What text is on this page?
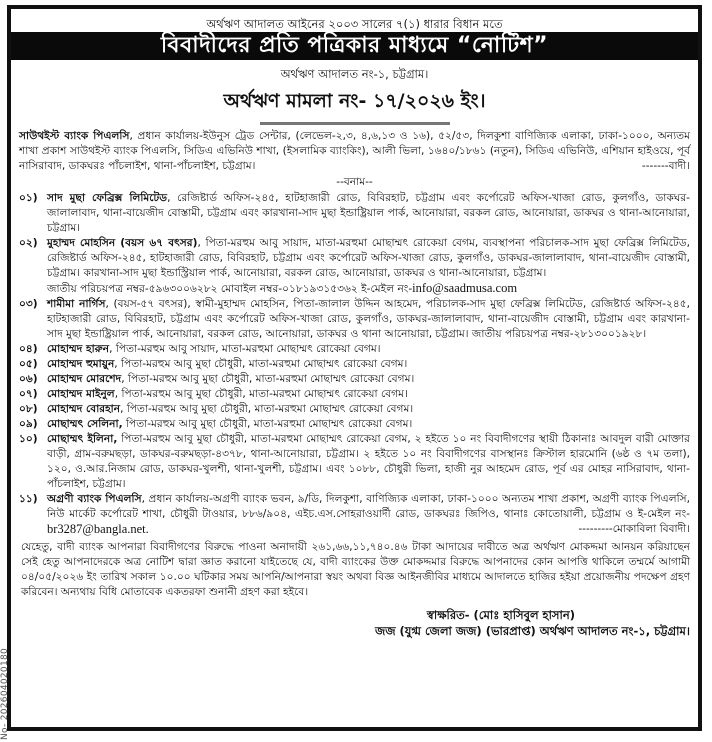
No- 202604020180
অর্থঋণ আদালত আইনের ২০০৩ সালের ৭(১) ধারার বিধান মতে
বিবাদীদের প্রতি পত্রিকার মাধ্যমে “নোটিশ”
অর্থঋণ আদালত নং-১, চট্টগ্রাম।
অর্থঋণ মামলা নং- ১৭/২০২৬ ইং।
সাউথইস্ট ব্যাংক পিএলসি, প্রধান কার্যালয়-ইউনুস ট্রেড সেন্টার, (লেভেল-২,৩, ৪,৬,১৩ ও ১৬), ৫২/৫৩, দিলকুশা বাণিজ্যিক এলাকা, ঢাকা-১০০০, অন্যতম শাখা প্রকাশ সাউথইস্ট ব্যাংক পিএলসি, সিডিএ এভিনিউ শাখা, (ইসলামিক ব্যাংকিং), আলী ভিলা, ১৬৪০/১৮৬১ (নতুন), সিডিএ এভিনিউ, এশিয়ান হাইওয়ে, পূর্ব নাসিরাবাদ, ডাকঘরঃ পাঁচলাইশ, থানা-পাঁচলাইশ, চট্টগ্রাম।	-------বাদী।
--বনাম--
০১) সাদ মুছা ফেব্রিক্স লিমিটেড, রেজিষ্টার্ড অফিস-২৪৫, হাটহাজারী রোড, বিবিরহাট, চট্টগ্রাম এবং কর্পোরেট অফিস-খাজা রোড, কুলগাঁও, ডাকঘর-জালালাবাদ, থানা-বায়েজীদ বোস্তামী, চট্টগ্রাম এবং কারখানা-সাদ মুছা ইন্ডাষ্ট্রিয়াল পার্ক, আনোয়ারা, বরকল রোড, আনোয়ারা, ডাকঘর ও থানা-আনোয়ারা, চট্টগ্রাম।
০২) মুহাম্মদ মোহসিন (বয়স ৬৭ বৎসর), পিতা-মরহুম আবু সায়াদ, মাতা-মরহুমা মোছাম্মৎ রোকেয়া বেগম, ব্যবস্থাপনা পরিচালক-সাদ মুছা ফেব্রিক্স লিমিটেড, রেজিষ্টার্ড অফিস-২৪৫, হাটহাজারী রোড, বিবিরহাট, চট্টগ্রাম এবং কর্পোরেট অফিস-খাজা রোড, কুলগাঁও, ডাকঘর-জালালাবাদ, থানা-বায়েজীদ বোস্তামী, চট্টগ্রাম। কারখানা-সাদ মুছা ইন্ডাস্ট্রিয়াল পার্ক, আনোয়ারা, বরকল রোড, আনোয়ারা, ডাকঘর ও থানা-আনোয়ারা, চট্টগ্রাম।
জাতীয় পরিচয়পত্র নম্বর-৫৯৬৩০০৬২৮২ মোবাইল নম্বর-০১৮১৯৩১৫৩৬২ ই-মেইল নং-info@saadmusa.com
০৩) শামীমা নার্গিস, (বয়স-৫৭ বৎসর), স্বামী-মুহাম্মদ মোহসিন, পিতা-জালাল উদ্দিন আহমেদ, পরিচালক-সাদ মুছা ফেব্রিক্স লিমিটেড, রেজিষ্টার্ড অফিস-২৪৫, হাটহাজারী রোড, বিবিরহাট, চট্টগ্রাম এবং কর্পোরেট অফিস-খাজা রোড, কুলগাঁও, ডাকঘর-জালালাবাদ, থানা-বায়েজীদ বোস্তামী, চট্টগ্রাম এবং কারখানা-সাদ মুছা ইন্ডাষ্ট্রিয়াল পার্ক, আনোয়ারা, বরকল রোড, আনোয়ারা, ডাকঘর ও থানা আনোয়ারা, চট্টগ্রাম। জাতীয় পরিচয়পত্র নম্বর-২৮১৩০০১৯২৮।
০৪) মোহাম্মদ হারুন, পিতা-মরহুম আবু সায়াদ, মাতা-মরহুমা মোছাম্মৎ রোকেয়া বেগম।
০৫) মোহাম্মদ হুমায়ুন, পিতা-মরহুম আবু মুছা চৌধুরী, মাতা-মরহুমা মোছাম্মৎ রোকেয়া বেগম।
০৬) মোহাম্মদ মোরশেদ, পিতা-মরহুম আবু মুছা চৌধুরী, মাতা-মরহুমা মোছাম্মৎ রোকেয়া বেগম।
০৭) মোহাম্মদ মাইনুল, পিতা-মরহুম আবু মুছা চৌধুরী, মাতা-মরহুমা মোছাম্মৎ রোকেয়া বেগম।
০৮) মোহাম্মদ বোরহান, পিতা-মরহুম আবু মুছা চৌধুরী, মাতা-মরহুমা মোছাম্মৎ রোকেয়া বেগম।
০৯) মোছাম্মৎ সেলিনা, পিতা-মরহুম আবু মুছা চৌধুরী, মাতা-মরহুমা মোছাম্মৎ রোকেয়া বেগম।
১০) মোছাম্মৎ ইলিনা, পিতা-মরহুম আবু মুছা চৌধুরী, মাতা-মরহুমা মোছাম্মৎ রোকেয়া বেগম, ২ হইতে ১০ নং বিবাদীগণের স্থায়ী ঠিকানাঃ আবদুল বারী মোক্তার বাড়ী, গ্রাম-বরুমছড়া, ডাকঘর-বরুমছড়া-৪৩৭৮, থানা-আনোয়ারা, চট্টগ্রাম। ২ হইতে ১০ নং বিবাদীগণের বাসস্থানঃ ক্রিস্টাল হারমোনি (৬ষ্ঠ ও ৭ম তলা), ১২০, ও.আর.নিজাম রোড, ডাকঘর-খুলশী, থানা-খুলশী, চট্টগ্রাম। এবং ১০৮৮, চৌধুরী ভিলা, হাজী নুর আহমেদ রোড, পূর্ব এর মোহর নাসিরাবাদ, থানা-পাঁচলাইশ, চট্টগ্রাম।
১১) অগ্রণী ব্যাংক পিএলসি, প্রধান কার্যালয়-অগ্রণী ব্যাংক ভবন, ৯/ডি, দিলকুশা, বাণিজ্যিক এলাকা, ঢাকা-১০০০ অন্যতম শাখা প্রকাশ, অগ্রণী ব্যাংক পিএলসি, নিউ মার্কেট কর্পোরেট শাখা, চৌধুরী টাওয়ার, ৮৮৬/৯০৪, এইচ.এস.সোহরাওয়ার্দী রোড, ডাকঘরঃ জিপিও, থানাঃ কোতোয়ালী, চট্টগ্রাম ও ই-মেইল নং-br3287@bangla.net.	---------মোকাবিলা বিবাদী।
যেহেতু, বাদী ব্যাংক আপনারা বিবাদীগণের বিরুদ্ধে পাওনা অনাদায়ী ২৬১,৬৬,১১,৭৪০.৪৬ টাকা আদায়ের দাবীতে অত্র অর্থঋণ মোকদ্দমা আনয়ন করিয়াছেন সেই হেতু আপনাদেরকে অত্র নোটিশ দ্বারা জ্ঞাত করানো যাইতেছে যে, বাদী ব্যাংকের উক্ত মোকদ্দমার বিরুদ্ধে আপনাদের কোন আপত্তি থাকিলে তম্মর্মে আগামী ০৪/০৫/২০২৬ ইং তারিখ সকাল ১০.০০ ঘটিকার সময় আপনি/আপনারা স্বয়ং অথবা বিজ্ঞ আইনজীবির মাধ্যমে আদালতে হাজির হইয়া প্রয়োজনীয় পদক্ষেপ গ্রহণ করিবেন। অন্যথায় বিধি মোতাবেক একতরফা শুনানী গ্রহণ করা হইবে।
স্বাক্ষরিত- (মোঃ হাসিবুল হাসান)
জজ (যুগ্ম জেলা জজ) (ভারপ্রাপ্ত) অর্থঋণ আদালত নং-১, চট্টগ্রাম।
